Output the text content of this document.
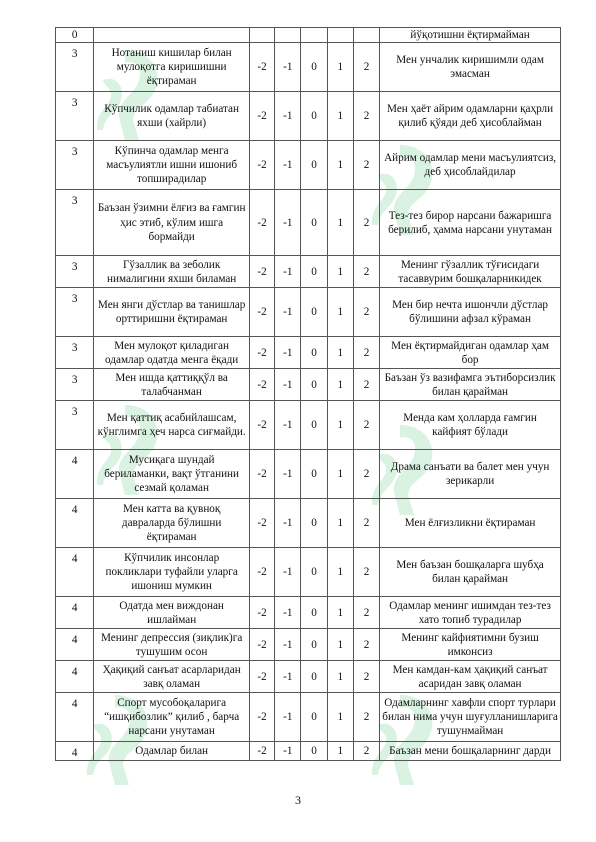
0							йўқотишни ёқтирмайман
3	Нотаниш кишилар билан мулоқотга киришишни ёқтираман	-2	-1	0	1	2	Мен унчалик киришимли одам эмасман
3	Кўпчилик одамлар табиатан яхши (хайрли)	-2	-1	0	1	2	Мен ҳаёт айрим одамларни қаҳрли қилиб қўяди деб ҳисоблайман
3	Кўпинча одамлар менга масъулиятли ишни ишониб топширадилар	-2	-1	0	1	2	Айрим одамлар мени масъулиятсиз, деб ҳисоблайдилар
3	Баъзан ўзимни ёлғиз ва ғамгин ҳис этиб, кўлим ишга бормайди	-2	-1	0	1	2	Тез-тез бирор нарсани бажаришга берилиб, ҳамма нарсани унутаман
3	Гўзаллик ва зеболик нималигини яхши биламан	-2	-1	0	1	2	Менинг гўзаллик тўғисидаги тасаввурим бошқаларникидек
3	Мен янги дўстлар ва танишлар орттиришни ёқтираман	-2	-1	0	1	2	Мен бир нечта ишончли дўстлар бўлишини афзал кўраман
3	Мен мулоқот қиладиган одамлар одатда менга ёқади	-2	-1	0	1	2	Мен ёқтирмайдиган одамлар ҳам бор
3	Мен ишда қаттиққўл ва талабчанман	-2	-1	0	1	2	Баъзан ўз вазифамга эътиборсизлик билан қарайман
3	Мен қаттиқ асабийлашсам, кўнглимга ҳеч нарса сиғмайди.	-2	-1	0	1	2	Менда кам ҳолларда ғамгин кайфият бўлади
4	Мусиқага шундай бериламанки, вақт ўтганини сезмай қоламан	-2	-1	0	1	2	Драма санъати ва балет мен учун зерикарли
4	Мен катта ва қувноқ давраларда бўлишни ёқтираман	-2	-1	0	1	2	Мен ёлғизликни ёқтираман
4	Кўпчилик инсонлар покликлари туфайли уларга ишониш мумкин	-2	-1	0	1	2	Мен баъзан бошқаларга шубҳа билан қарайман
4	Одатда мен виждонан ишлайман	-2	-1	0	1	2	Одамлар менинг ишимдан тез-тез хато топиб турадилар
4	Менинг депрессия (зиқлик)га тушушим осон	-2	-1	0	1	2	Менинг кайфиятимни бузиш имконсиз
4	Ҳақиқий санъат асарларидан завқ оламан	-2	-1	0	1	2	Мен камдан-кам ҳақиқий санъат асаридан завқ оламан
4	Спорт мусобоқаларига “ишқибозлик” қилиб , барча нарсани унутаман	-2	-1	0	1	2	Одамларнинг хавфли спорт турлари билан нима учун шуғулланишларига тушунмайман
4	Одамлар билан	-2	-1	0	1	2	Баъзан мени бошқаларнинг дарди
3
